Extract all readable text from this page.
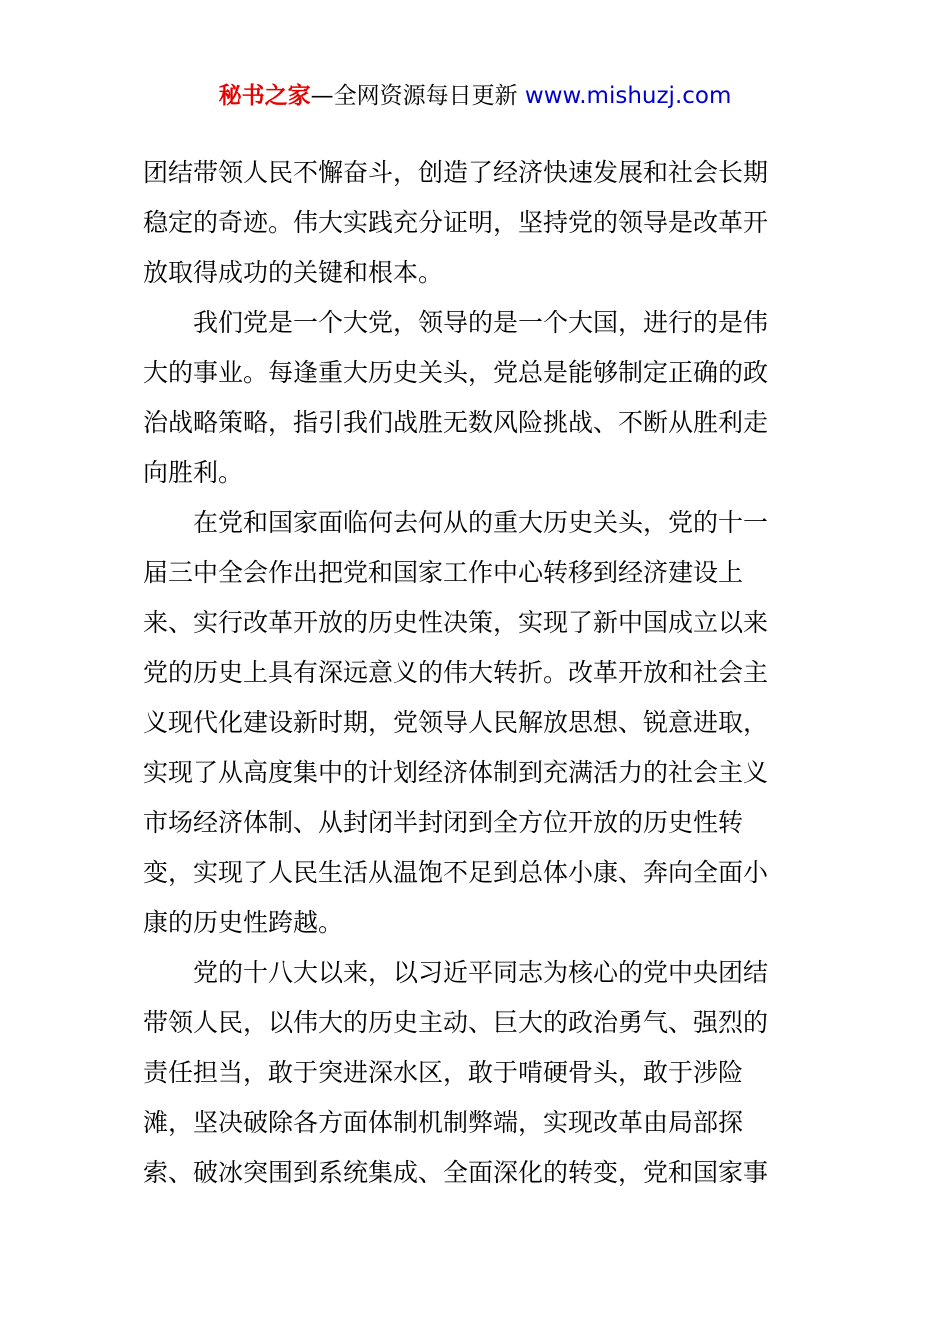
秘书之家—全网资源每日更新 www.mishuzj.com
团结带领人民不懈奋斗，创造了经济快速发展和社会长期
稳定的奇迹。伟大实践充分证明，坚持党的领导是改革开
放取得成功的关键和根本。
我们党是一个大党，领导的是一个大国，进行的是伟
大的事业。每逢重大历史关头，党总是能够制定正确的政
治战略策略，指引我们战胜无数风险挑战、不断从胜利走
向胜利。
在党和国家面临何去何从的重大历史关头，党的十一
届三中全会作出把党和国家工作中心转移到经济建设上
来、实行改革开放的历史性决策，实现了新中国成立以来
党的历史上具有深远意义的伟大转折。改革开放和社会主
义现代化建设新时期，党领导人民解放思想、锐意进取，
实现了从高度集中的计划经济体制到充满活力的社会主义
市场经济体制、从封闭半封闭到全方位开放的历史性转
变，实现了人民生活从温饱不足到总体小康、奔向全面小
康的历史性跨越。
党的十八大以来，以习近平同志为核心的党中央团结
带领人民，以伟大的历史主动、巨大的政治勇气、强烈的
责任担当，敢于突进深水区，敢于啃硬骨头，敢于涉险
滩，坚决破除各方面体制机制弊端，实现改革由局部探
索、破冰突围到系统集成、全面深化的转变，党和国家事
